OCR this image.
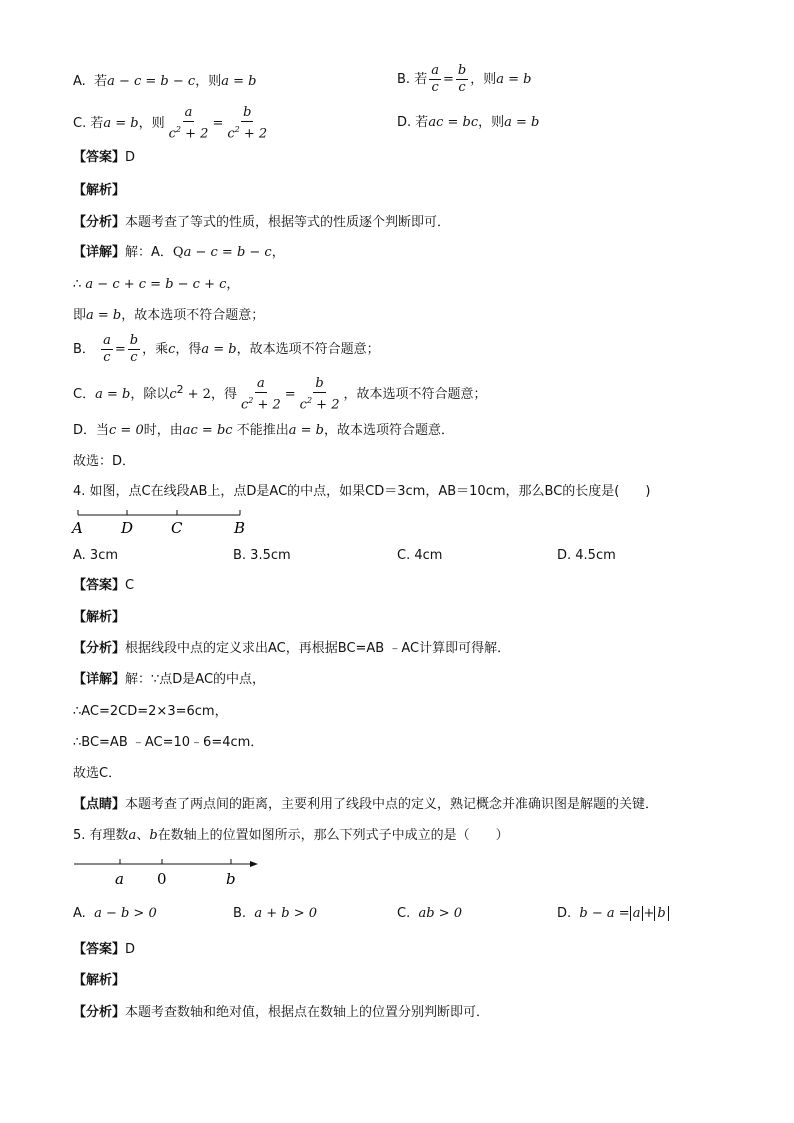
A. 若a − c = b − c，则a = b	B. 若 $\frac{a}{c} = \frac{b}{c}$ ，则a = b
C. 若a = b，则 $\frac{a}{c^2 + 2} = \frac{b}{c^2 + 2}$	D. 若ac = bc，则a = b
【答案】D
【解析】
【分析】本题考查了等式的性质，根据等式的性质逐个判断即可．
【详解】解：A．Qa − c = b − c，
∴ a − c + c = b − c + c，
即a = b，故本选项不符合题意；
B． $\frac{a}{c} = \frac{b}{c}$ ，乘c，得a = b，故本选项不符合题意；
C．a = b，除以$c^2 + 2$，得 $\frac{a}{c^2 + 2} = \frac{b}{c^2 + 2}$ ，故本选项不符合题意；
D．当c = 0时，由ac = bc 不能推出a = b，故本选项符合题意．
故选：D．
4. 如图，点C在线段AB上，点D是AC的中点，如果CD＝3cm，AB＝10cm，那么BC的长度是(　　)
A	D	C	B
A. 3cm	B. 3.5cm	C. 4cm	D. 4.5cm
【答案】C
【解析】
【分析】根据线段中点的定义求出AC，再根据BC=AB ﹣AC计算即可得解．
【详解】解：∵点D是AC的中点，
∴AC=2CD=2×3=6cm，
∴BC=AB ﹣AC=10﹣6=4cm．
故选C．
【点睛】本题考查了两点间的距离，主要利用了线段中点的定义，熟记概念并准确识图是解题的关键．
5. 有理数a、b在数轴上的位置如图所示，那么下列式子中成立的是（　　）
a 0	b
A. a − b > 0	B. a + b > 0	C. ab > 0	D. b − a = a + b
【答案】D
【解析】
【分析】本题考查数轴和绝对值，根据点在数轴上的位置分别判断即可．
